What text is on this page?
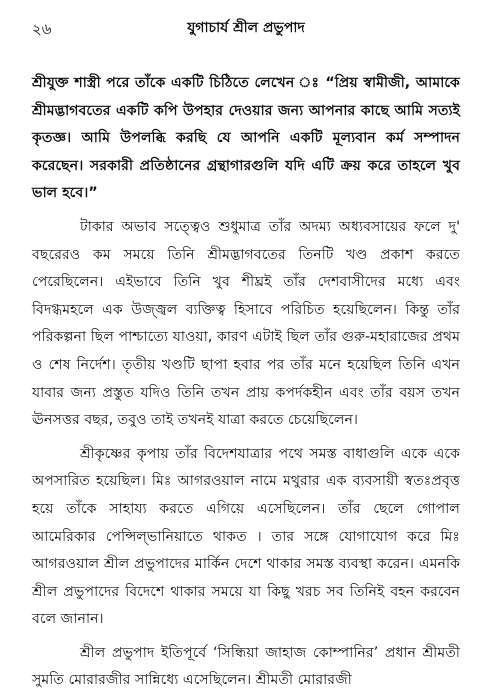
২৬	যুগাচার্য শ্রীল প্রভুপাদ

শ্রীযুক্ত শাস্ত্রী পরে তাঁকে একটি চিঠিতে লেখেন ঃ “প্রিয় স্বামীজী, আমাকে শ্রীমদ্ভাগবতের একটি কপি উপহার দেওয়ার জন্য আপনার কাছে আমি সত্যই কৃতজ্ঞ। আমি উপলব্ধি করছি যে আপনি একটি মূল্যবান কর্ম সম্পাদন করেছেন। সরকারী প্রতিষ্ঠানের গ্রন্থাগারগুলি যদি এটি ক্রয় করে তাহলে খুব ভাল হবে।”

টাকার অভাব সত্ত্বেও শুধুমাত্র তাঁর অদম্য অধ্যবসায়ের ফলে দু' বছরেরও কম সময়ে তিনি শ্রীমদ্ভাগবতের তিনটি খণ্ড প্রকাশ করতে পেরেছিলেন। এইভাবে তিনি খুব শীঘ্রই তাঁর দেশবাসীদের মধ্যে এবং বিদগ্ধমহলে এক উজ্জ্বল ব্যক্তিত্ব হিসাবে পরিচিত হয়েছিলেন। কিন্তু তাঁর পরিকল্পনা ছিল পাশ্চাত্যে যাওয়া, কারণ এটাই ছিল তাঁর গুরু-মহারাজের প্রথম ও শেষ নির্দেশ। তৃতীয় খণ্ডটি ছাপা হবার পর তাঁর মনে হয়েছিল তিনি এখন যাবার জন্য প্রস্তুত যদিও তিনি তখন প্রায় কপর্দকহীন এবং তাঁর বয়স তখন ঊনসত্তর বছর, তবুও তাই তখনই যাত্রা করতে চেয়েছিলেন।

শ্রীকৃষ্ণের কৃপায় তাঁর বিদেশযাত্রার পথে সমস্ত বাধাগুলি একে একে অপসারিত হয়েছিল। মিঃ আগরওয়াল নামে মথুরার এক ব্যবসায়ী স্বতঃপ্রবৃত্ত হয়ে তাঁকে সাহায্য করতে এগিয়ে এসেছিলেন। তাঁর ছেলে গোপাল আমেরিকার পেন্সিল্ভানিয়াতে থাকত । তার সঙ্গে যোগাযোগ করে মিঃ আগরওয়াল শ্রীল প্রভুপাদের মার্কিন দেশে থাকার সমস্ত ব্যবস্থা করেন। এমনকি শ্রীল প্রভুপাদের বিদেশে থাকার সময়ে যা কিছু খরচ সব তিনিই বহন করবেন বলে জানান।

শ্রীল প্রভুপাদ ইতিপূর্বে ‘সিন্ধিয়া জাহাজ কোম্পানির’ প্রধান শ্রীমতী সুমতি মোরারজীর সান্নিধ্যে এসেছিলেন। শ্রীমতী মোরারজী
